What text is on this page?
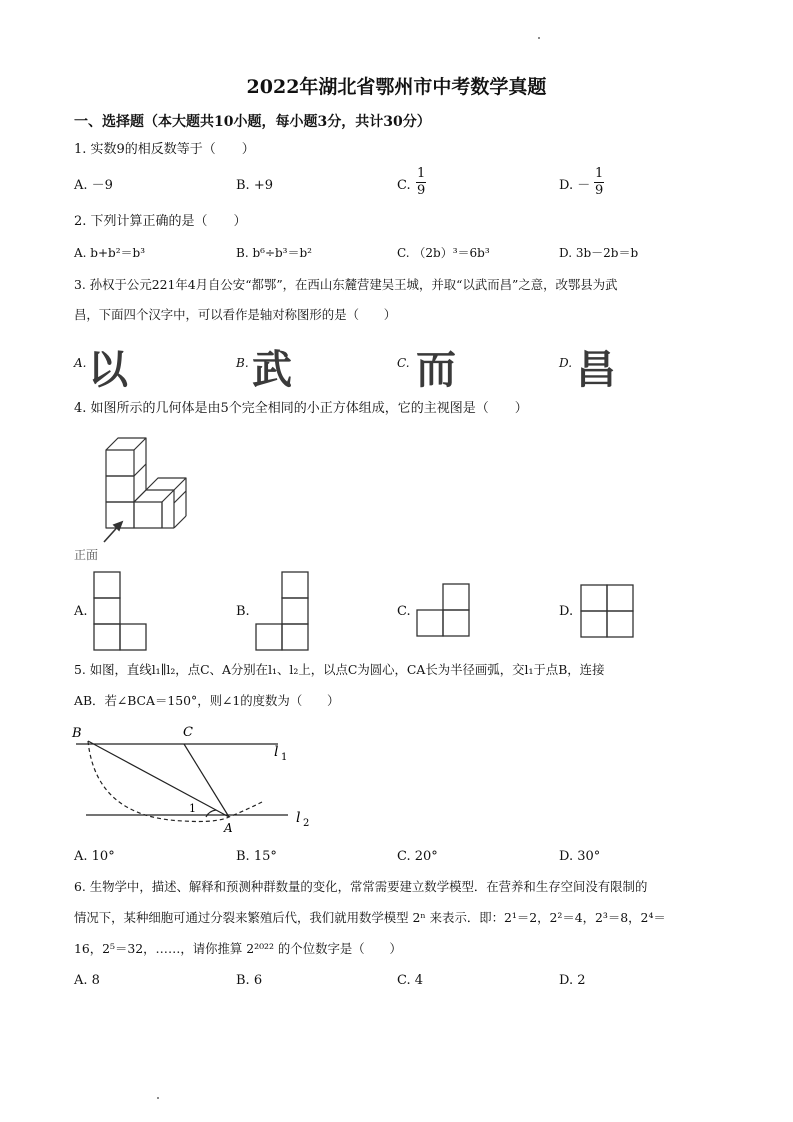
2022年湖北省鄂州市中考数学真题
一、选择题（本大题共10小题，每小题3分，共计30分）
1. 实数9的相反数等于（　　）
A. －9	B. +9	C. $\frac{1}{9}$	D. － $\frac{1}{9}$
2. 下列计算正确的是（　　）
A. b+b²＝b³	B. b⁶÷b³＝b²	C. （2b）³＝6b³	D. 3b－2b＝b
3. 孙权于公元221年4月自公安“都鄂”，在西山东麓营建吴王城，并取“以武而昌”之意，改鄂县为武
昌，下面四个汉字中，可以看作是轴对称图形的是（　　）
A. 以	B. 武	C. 而	D. 昌
4. 如图所示的几何体是由5个完全相同的小正方体组成，它的主视图是（　　）
正面
A.	B.	C.	D.
5. 如图，直线l₁∥l₂，点C、A分别在l₁、l₂上，以点C为圆心，CA长为半径画弧，交l₁于点B，连接
AB．若∠BCA＝150°，则∠1的度数为（　　）
B	C
A
1
l 1
l 2
A. 10°	B. 15°	C. 20°	D. 30°
6. 生物学中，描述、解释和预测种群数量的变化，常常需要建立数学模型．在营养和生存空间没有限制的
情况下，某种细胞可通过分裂来繁殖后代，我们就用数学模型 2ⁿ 来表示．即：2¹＝2，2²＝4，2³＝8，2⁴＝
16，2⁵＝32，……，请你推算 2²⁰²² 的个位数字是（　　）
A. 8	B. 6	C. 4	D. 2
